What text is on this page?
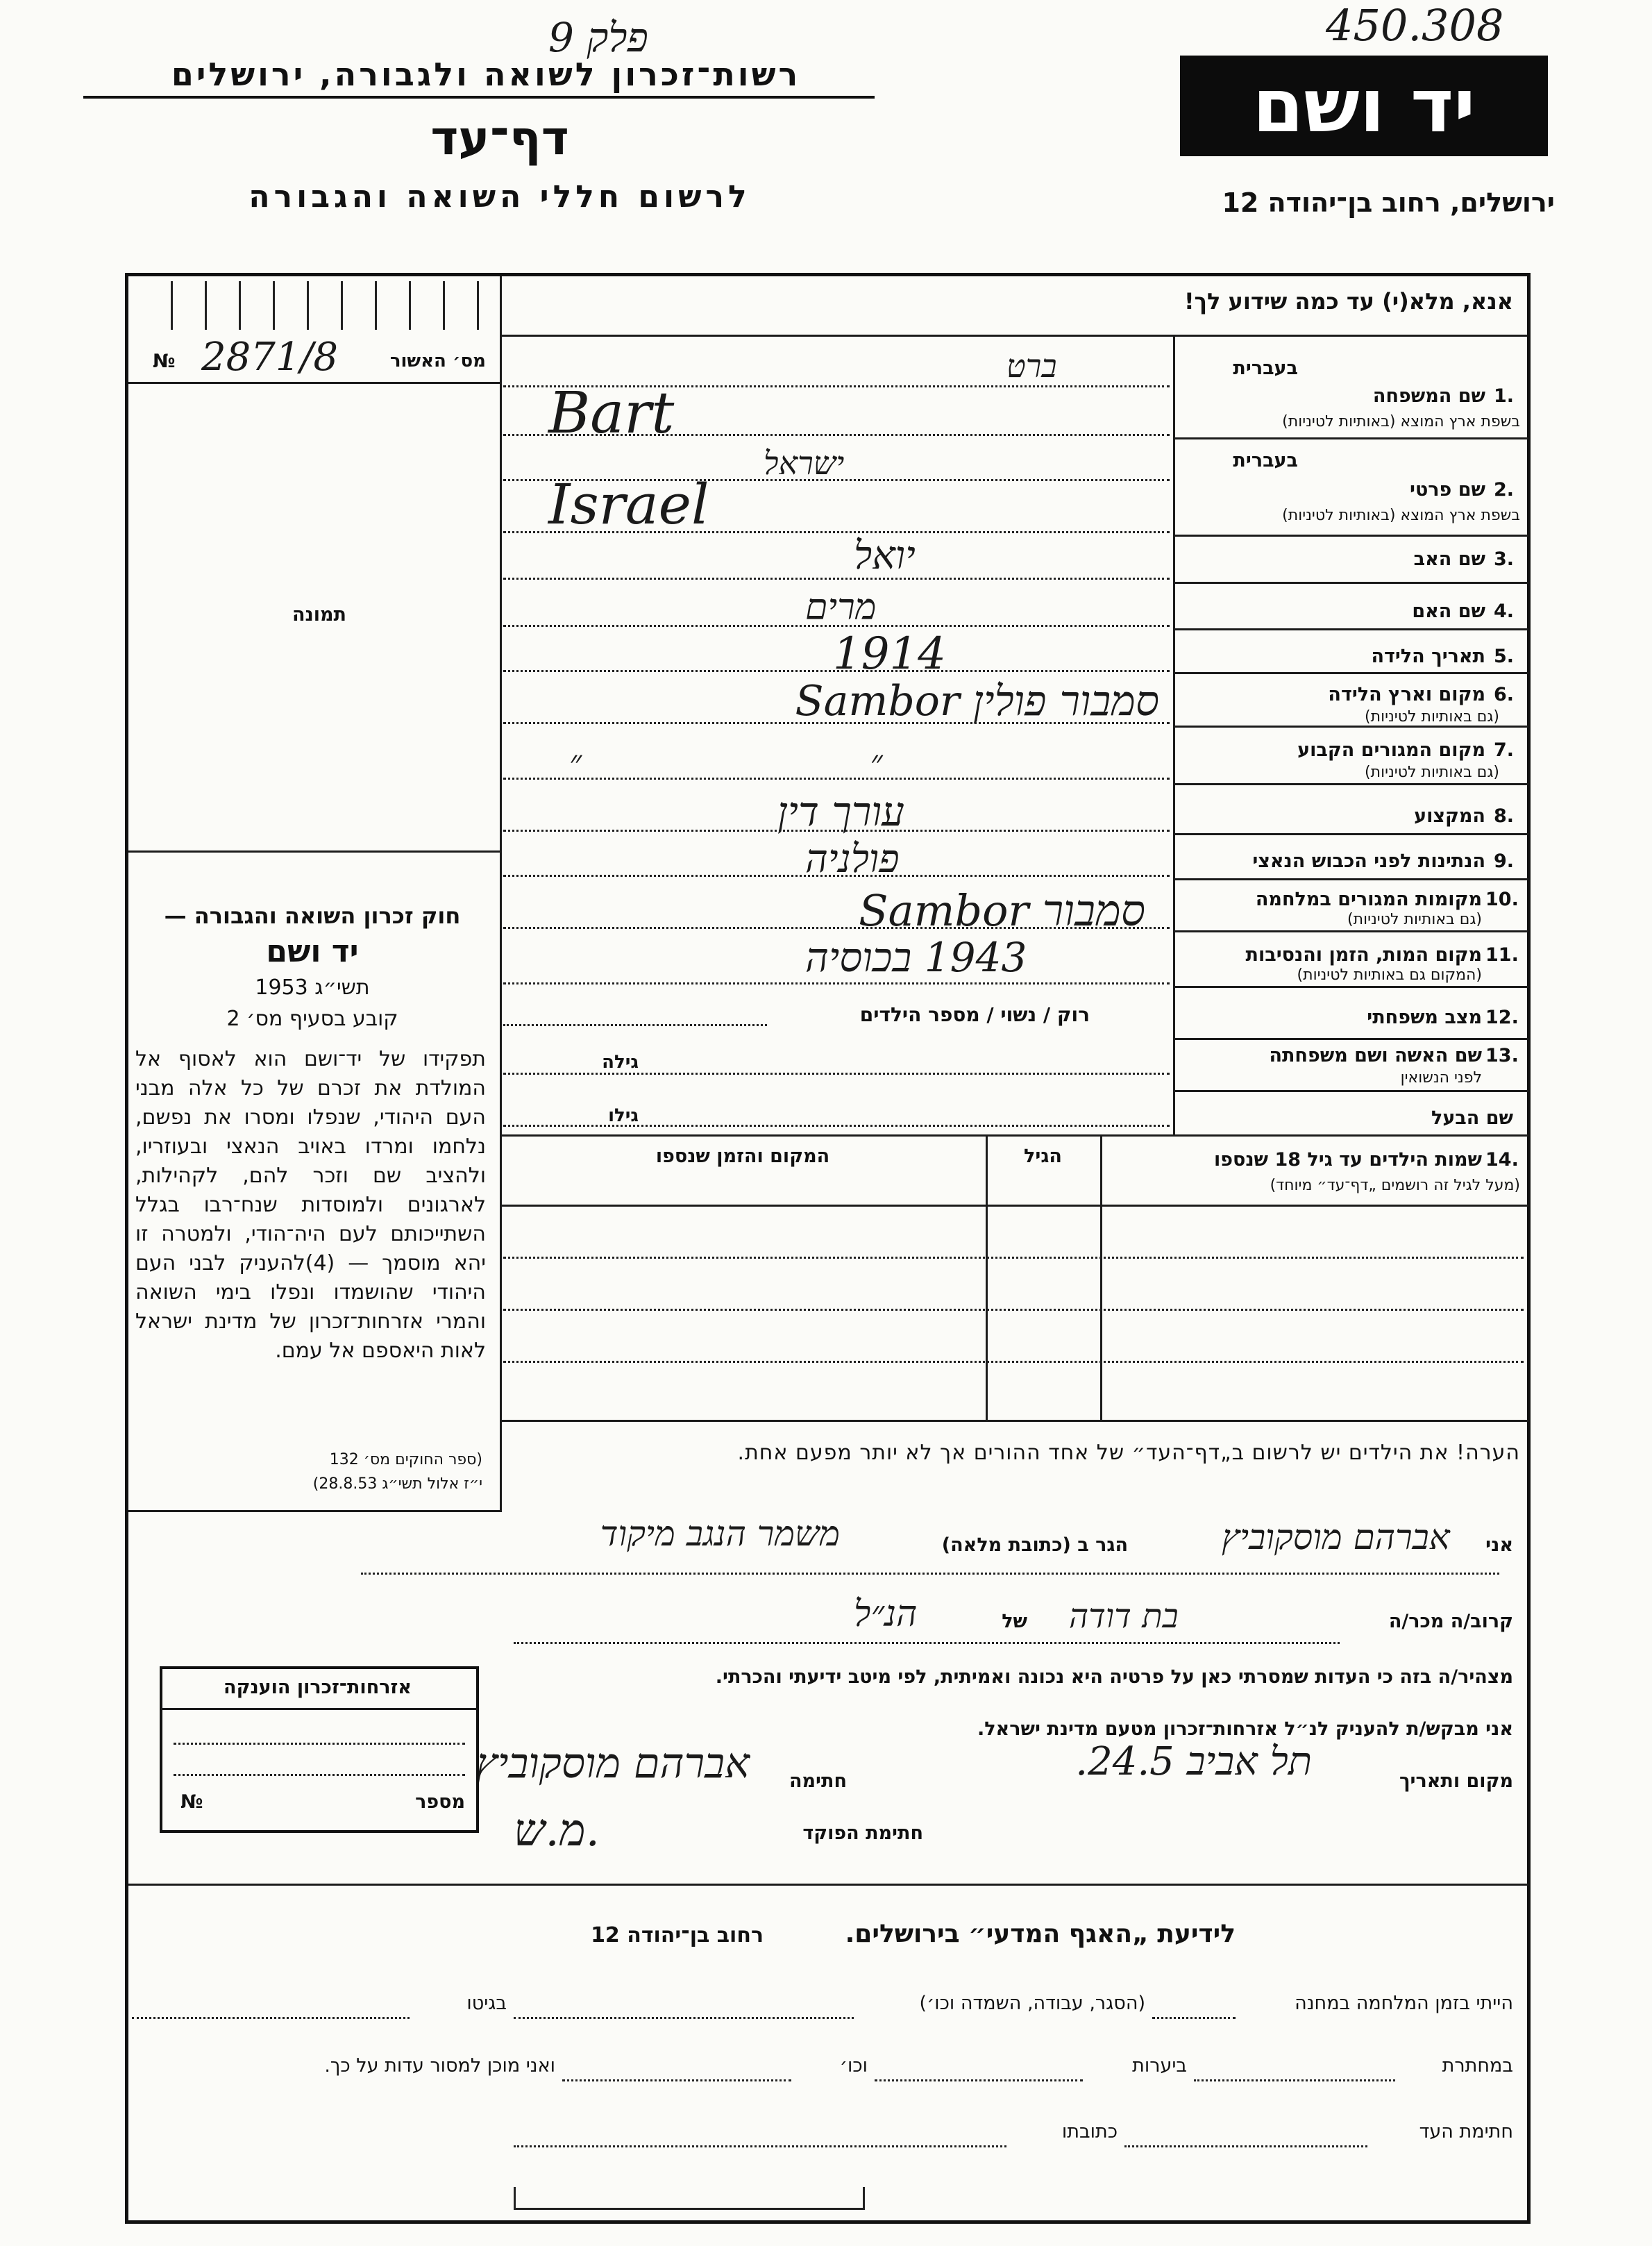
450.308
פלק 9
רשות־זכרון לשואה ולגבורה, ירושלים
דף־עד
לרשום חללי השואה והגבורה
יד ושם
ירושלים, רחוב בן־יהודה 12
אנא, מלא(י) עד כמה שידוע לך!
№ 2871/8	מס׳ האשור
תמונה
בעברית
1.
שם המשפחה
בשפת ארץ המוצא (באותיות לטיניות)
ברט
Bart
בעברית
2.
שם פרטי
בשפת ארץ המוצא (באותיות לטיניות)
ישראל
Israel
3.
שם האב
יואל
4.
שם האם
מרים
5.
תאריך הלידה
1914
6.
מקום וארץ הלידה
(גם באותיות לטיניות)
סמבור פולין Sambor
7.
מקום המגורים הקבוע
(גם באותיות לטיניות)
״ ״
8.
המקצוע
עורך דין
9.
הנתינות לפני הכבוש הנאצי
פולניה
10.
מקומות המגורים במלחמה
(גם באותיות לטיניות)
סמבור Sambor
11.
מקום המות, הזמן והנסיבות
(המקום גם באותיות לטיניות)
1943 בכוסיה
12.
מצב משפחתי
רוק / נשוי / מספר הילדים
13.
שם האשה ושם משפחתה
לפני הנשואין
גילה
שם הבעל
גילו
14.
שמות הילדים עד גיל 18 שנספו
(מעל לגיל זה רושמים „דף־עד״ מיוחד)
הגיל
המקום והזמן שנספו
הערה! את הילדים יש לרשום ב„דף־העד״ של אחד ההורים אך לא יותר מפעם אחת.
חוק זכרון השואה והגבורה —
יד ושם
תשי״ג 1953
קובע בסעיף מס׳ 2
תפקידו של יד־ושם הוא לאסוף אל המולדת את זכרם של כל אלה מבני העם היהודי, שנפלו ומסרו את נפשם, נלחמו ומרדו באויב הנאצי ובעוזריו, ולהציב שם וזכר להם, לקהילות, לארגונים ולמוסדות שנח־רבו בגלל השתייכותם לעם היה־הודי, ולמטרה זו יהא מוסמך — (4)להעניק לבני העם היהודי שהושמדו ונפלו בימי השואה והמרי אזרחות־זכרון של מדינת ישראל לאות היאספם אל עמם.
(ספר החוקים מס׳ 132
י״ז אלול תשי״ג 28.8.53)
אני
אברהם מוסקוביץ
הגר ב (כתובת מלאה)
משמר הנגב מיקוד
קרוב/ה מכר/ה
בת דודה
של
הנ״ל
מצהיר/ה בזה כי העדות שמסרתי כאן על פרטיה היא נכונה ואמיתית, לפי מיטב ידיעתי והכרתי.
אני מבקש/ת להעניק לנ״ל אזרחות־זכרון מטעם מדינת ישראל.
מקום ותאריך
תל אביב 24.5.
חתימה
אברהם מוסקוביץ
חתימת הפוקד
מ.ש.
אזרחות־זכרון הוענקה
מספר
№
לידיעת „האגף המדעי״ בירושלים.
רחוב בן־יהודה 12
הייתי בזמן המלחמה במחנה
(הסגר, עבודה, השמדה וכו׳)
בגיטו
במחתרת
ביערות
וכו׳
ואני מוכן למסור עדות על כך.
חתימת העד
כתובתו
